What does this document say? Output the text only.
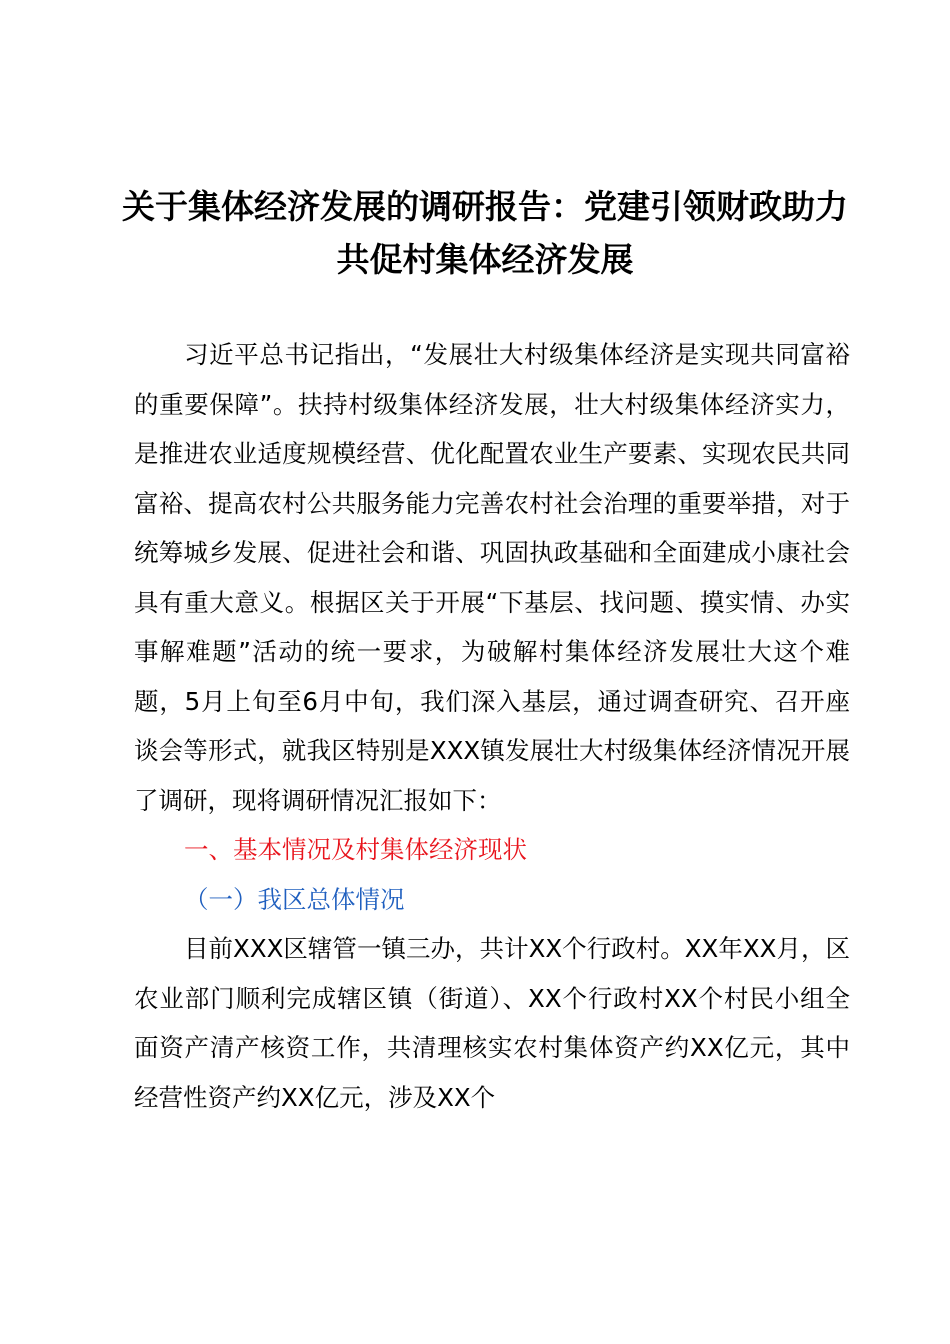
关于集体经济发展的调研报告：党建引领财政助力共促村集体经济发展

习近平总书记指出，“发展壮大村级集体经济是实现共同富裕的重要保障”。扶持村级集体经济发展，壮大村级集体经济实力，是推进农业适度规模经营、优化配置农业生产要素、实现农民共同富裕、提高农村公共服务能力完善农村社会治理的重要举措，对于统筹城乡发展、促进社会和谐、巩固执政基础和全面建成小康社会具有重大意义。根据区关于开展“下基层、找问题、摸实情、办实事解难题”活动的统一要求，为破解村集体经济发展壮大这个难题，5月上旬至6月中旬，我们深入基层，通过调查研究、召开座谈会等形式，就我区特别是XXX镇发展壮大村级集体经济情况开展了调研，现将调研情况汇报如下：

一、基本情况及村集体经济现状

（一）我区总体情况

目前XXX区辖管一镇三办，共计XX个行政村。XX年XX月，区农业部门顺利完成辖区镇（街道）、XX个行政村XX个村民小组全面资产清产核资工作，共清理核实农村集体资产约XX亿元，其中经营性资产约XX亿元，涉及XX个
